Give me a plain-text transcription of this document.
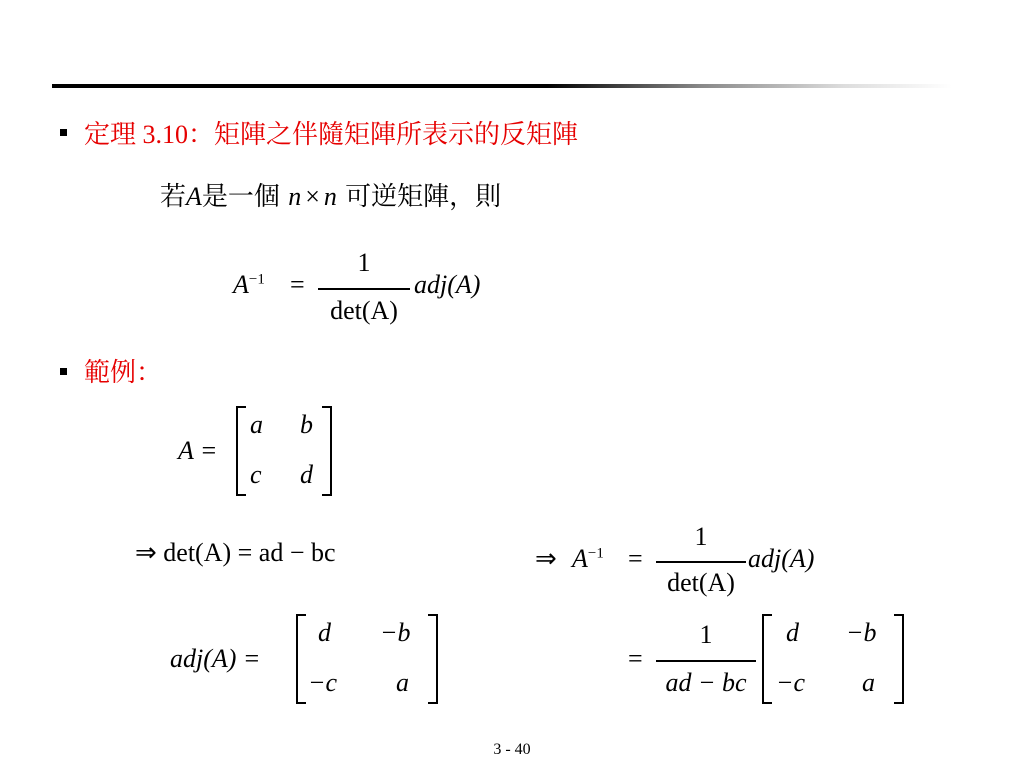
定理 3.10：矩陣之伴隨矩陣所表示的反矩陣
若A是一個 n × n 可逆矩陣，則
$A^{-1}$ =
1
det(A)
adj(A)
範例：
A =
a b
c d
⇒ det(A) = ad − bc
adj(A) =
d −b
−c a
⇒ $A^{-1}$ =
1
det(A)
adj(A)
=
1
ad − bc
d −b
−c a
3 - 40
